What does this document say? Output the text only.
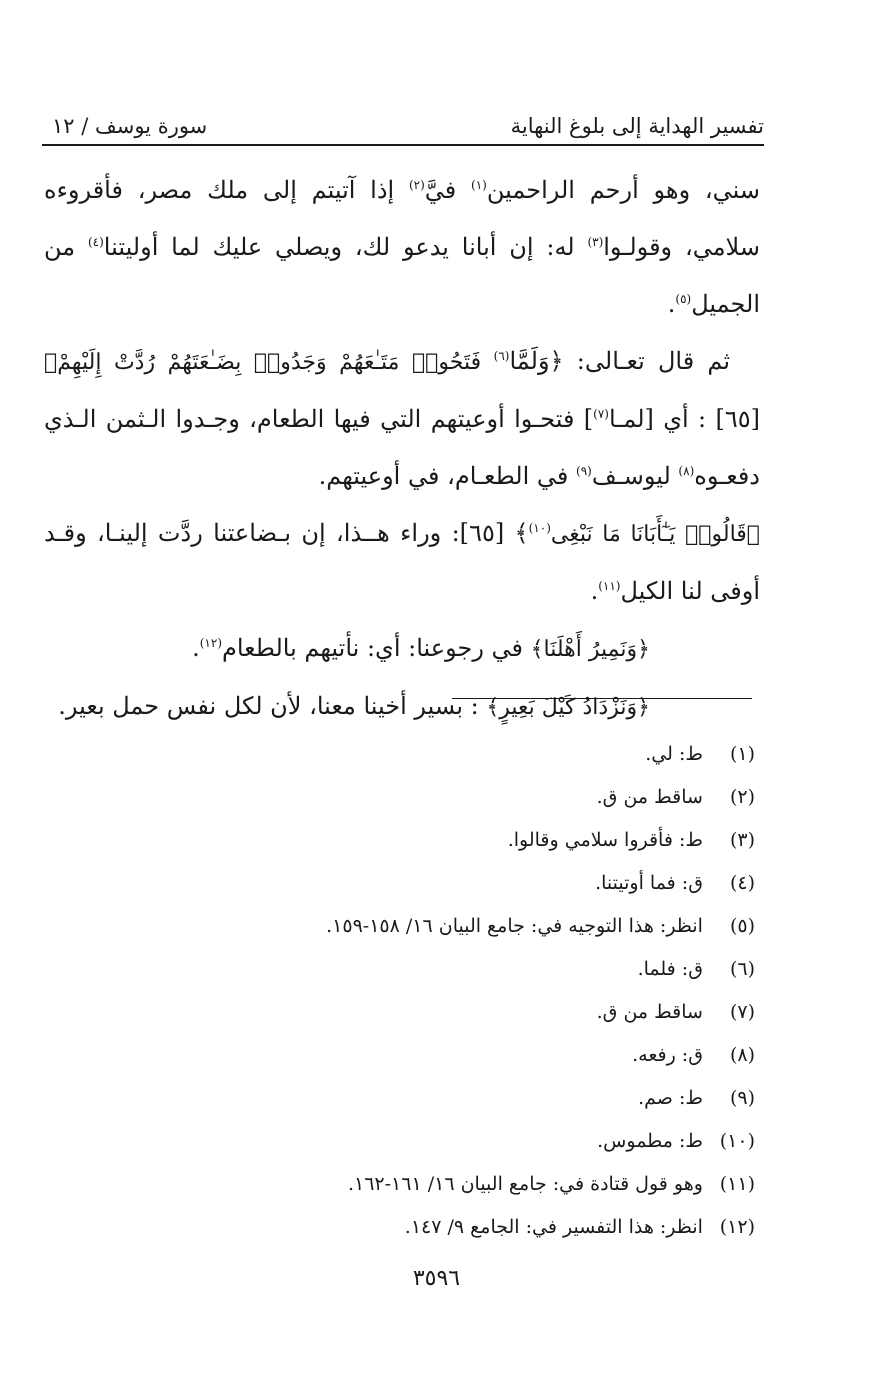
تفسير الهداية إلى بلوغ النهاية
سورة يوسف / ١٢

سني، وهو أرحم الراحمين$^{(١)}$ فيَّ$^{(٢)}$ إذا آتيتم إلى ملك مصر، فأقروءه سلامي، وقولـوا$^{(٣)}$ له: إن أبانا يدعو لك، ويصلي عليك لما أوليتنا$^{(٤)}$ من الجميل$^{(٥)}$.

ثم قال تعـالى: ﴿وَلَمَّا$^{(٦)}$ فَتَحُوا۟ مَتَـٰعَهُمْ وَجَدُوا۟ بِضَـٰعَتَهُمْ رُدَّتْ إِلَيْهِمْ﴾ [٦٥] : أي [لمـا$^{(٧)}$] فتحـوا أوعيتهم التي فيها الطعام، وجـدوا الـثمن الـذي دفعـوه$^{(٨)}$ ليوسـف$^{(٩)}$ في الطعـام، في أوعيتهم.

﴿قَالُوا۟ يَـٰٓأَبَانَا مَا نَبْغِى$^{(١٠)}$﴾ [٦٥]: وراء هــذا، إن بـضاعتنا ردَّت إلينـا، وقـد أوفى لنا الكيل$^{(١١)}$.

﴿وَنَمِيرُ أَهْلَنَا﴾ في رجوعنا: أي: نأتيهم بالطعام$^{(١٢)}$.

﴿وَنَزْدَادُ كَيْلَ بَعِيرٍ﴾ : بسير أخينا معنا، لأن لكل نفس حمل بعير.

(١) ط: لي.
(٢) ساقط من ق.
(٣) ط: فأقروا سلامي وقالوا.
(٤) ق: فما أوتيتنا.
(٥) انظر: هذا التوجيه في: جامع البيان ١٦/ ١٥٨-١٥٩.
(٦) ق: فلما.
(٧) ساقط من ق.
(٨) ق: رفعه.
(٩) ط: صم.
(١٠) ط: مطموس.
(١١) وهو قول قتادة في: جامع البيان ١٦/ ١٦١-١٦٢.
(١٢) انظر: هذا التفسير في: الجامع ٩/ ١٤٧.
٣٥٩٦
